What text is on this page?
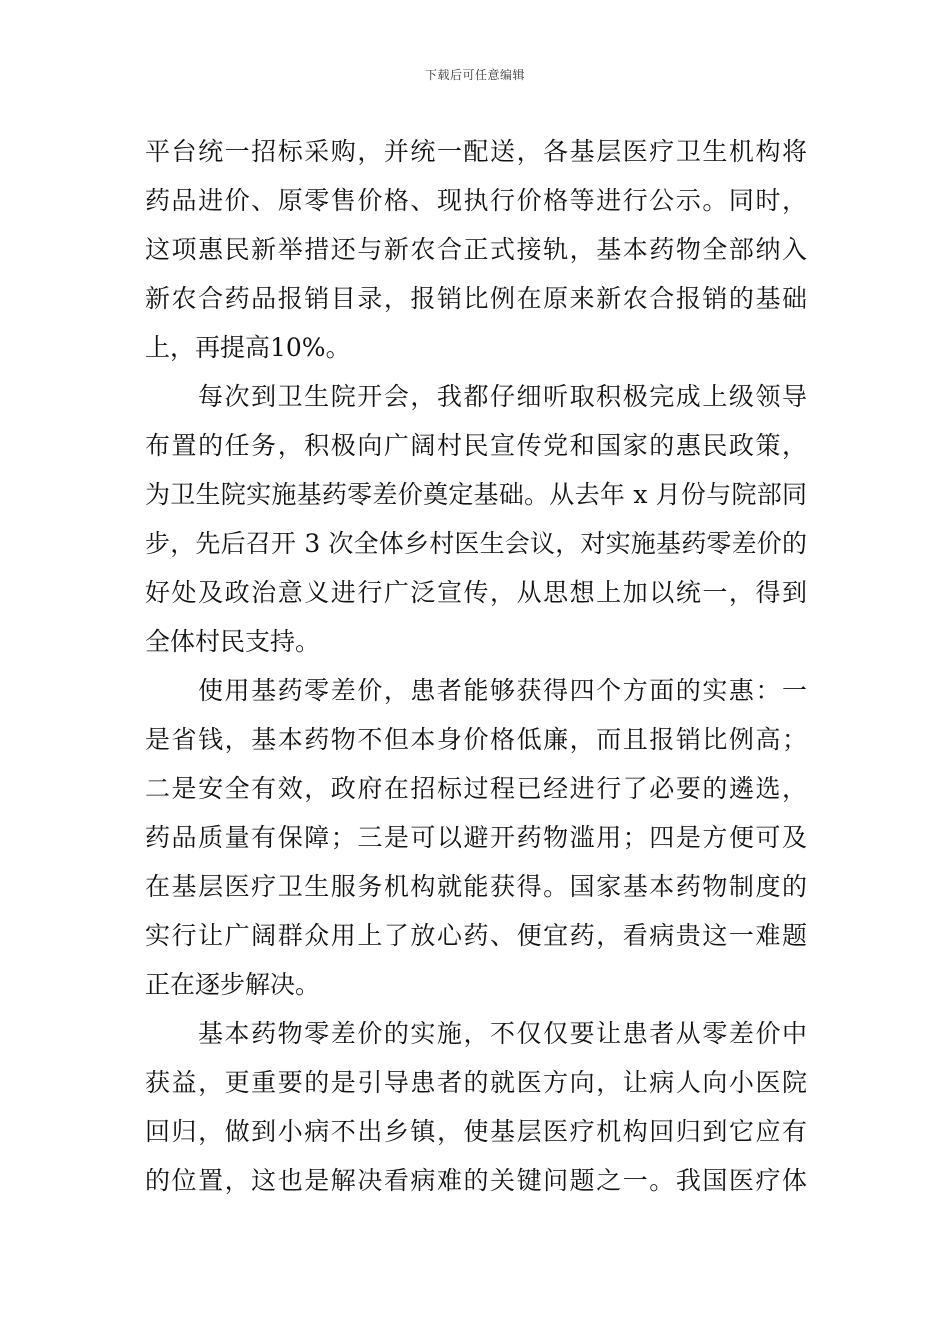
下载后可任意编辑
平台统一招标采购，并统一配送，各基层医疗卫生机构将
药品进价、原零售价格、现执行价格等进行公示。同时，
这项惠民新举措还与新农合正式接轨，基本药物全部纳入
新农合药品报销目录，报销比例在原来新农合报销的基础
上，再提高10%。
每次到卫生院开会，我都仔细听取积极完成上级领导
布置的任务，积极向广阔村民宣传党和国家的惠民政策，
为卫生院实施基药零差价奠定基础。从去年 x 月份与院部同
步，先后召开 3 次全体乡村医生会议，对实施基药零差价的
好处及政治意义进行广泛宣传，从思想上加以统一，得到
全体村民支持。
使用基药零差价，患者能够获得四个方面的实惠：一
是省钱，基本药物不但本身价格低廉，而且报销比例高；
二是安全有效，政府在招标过程已经进行了必要的遴选，
药品质量有保障；三是可以避开药物滥用；四是方便可及
在基层医疗卫生服务机构就能获得。国家基本药物制度的
实行让广阔群众用上了放心药、便宜药，看病贵这一难题
正在逐步解决。
基本药物零差价的实施，不仅仅要让患者从零差价中
获益，更重要的是引导患者的就医方向，让病人向小医院
回归，做到小病不出乡镇，使基层医疗机构回归到它应有
的位置，这也是解决看病难的关键问题之一。我国医疗体
